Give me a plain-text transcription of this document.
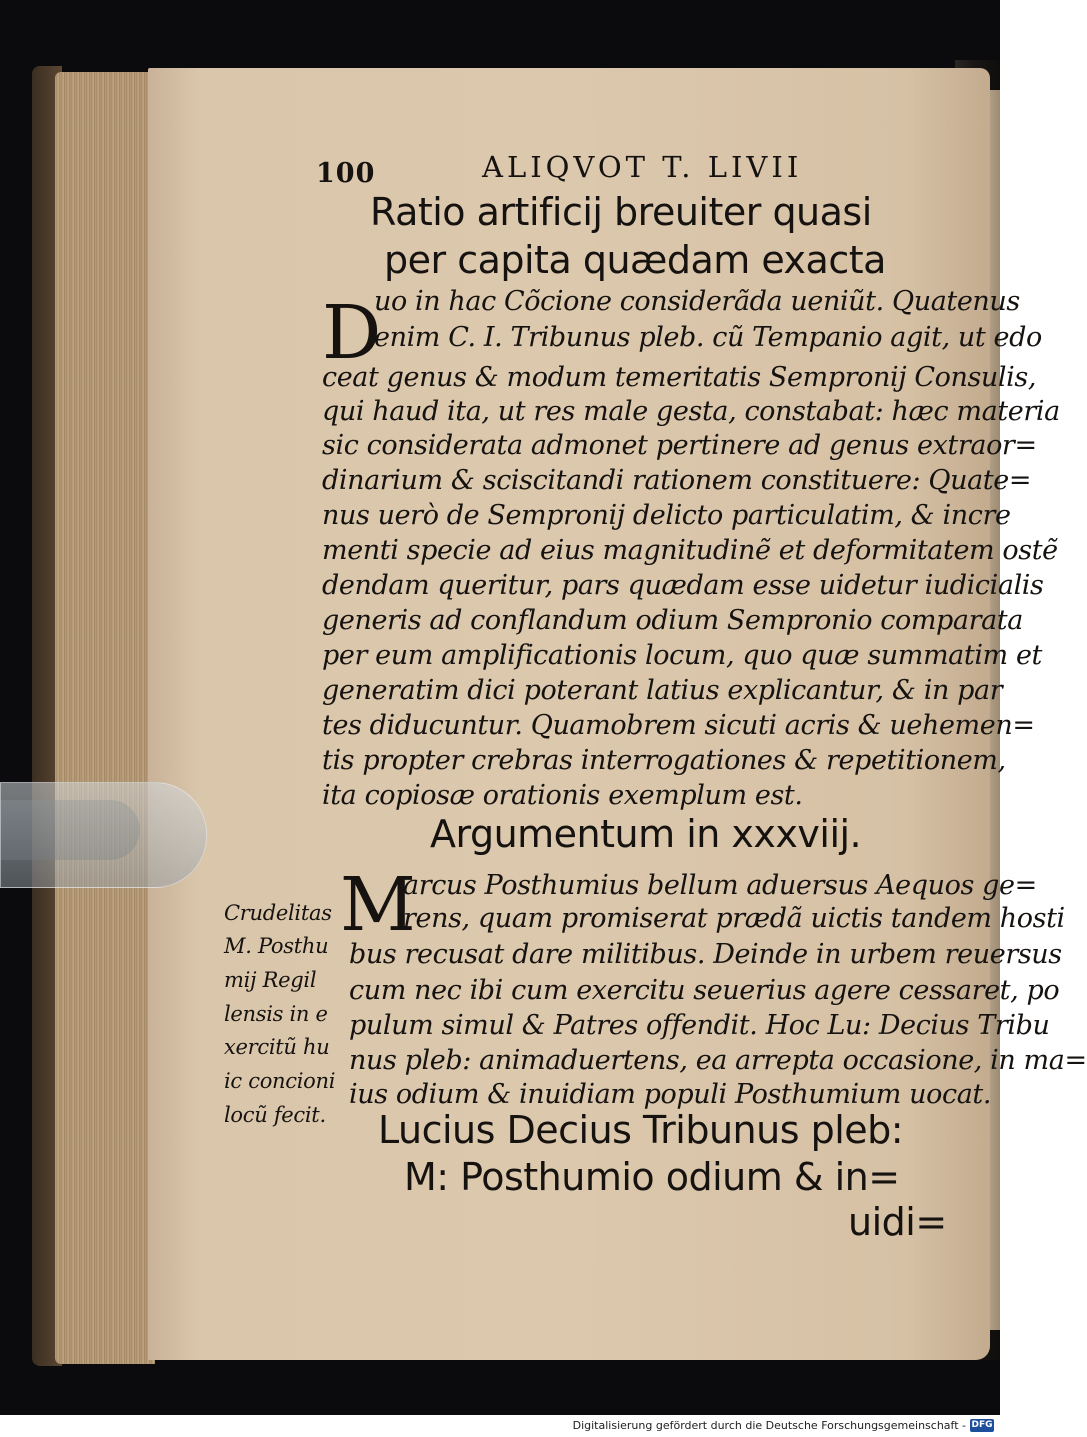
100	ALIQVOT T. LIVII
Ratio artificij breuiter quasi
per capita quædam exacta
D
uo in hac Cõcione considerãda ueniũt. Quatenus
enim C. I. Tribunus pleb. cũ Tempanio agit, ut edo
ceat genus & modum temeritatis Sempronij Consulis,
qui haud ita, ut res male gesta, constabat: hæc materia
sic considerata admonet pertinere ad genus extraor=
dinarium & sciscitandi rationem constituere: Quate=
nus uerò de Sempronij delicto particulatim, & incre
menti specie ad eius magnitudinẽ et deformitatem ostẽ
dendam queritur, pars quædam esse uidetur iudicialis
generis ad conflandum odium Sempronio comparata
per eum amplificationis locum, quo quæ summatim et
generatim dici poterant latius explicantur, & in par
tes diducuntur. Quamobrem sicuti acris & uehemen=
tis propter crebras interrogationes & repetitionem,
ita copiosæ orationis exemplum est.
Argumentum in xxxviij.
M
arcus Posthumius bellum aduersus Aequos ge=
rens, quam promiserat prædã uictis tandem hosti
bus recusat dare militibus. Deinde in urbem reuersus
cum nec ibi cum exercitu seuerius agere cessaret, po
pulum simul & Patres offendit. Hoc Lu: Decius Tribu
nus pleb: animaduertens, ea arrepta occasione, in ma=
ius odium & inuidiam populi Posthumium uocat.
Crudelitas
M. Posthu
mij Regil
lensis in e
xercitũ hu
ic concioni
locũ fecit. Lucius Decius Tribunus pleb:
M: Posthumio odium & in=
uidi=
Digitalisierung gefördert durch die Deutsche Forschungsgemeinschaft - DFG
